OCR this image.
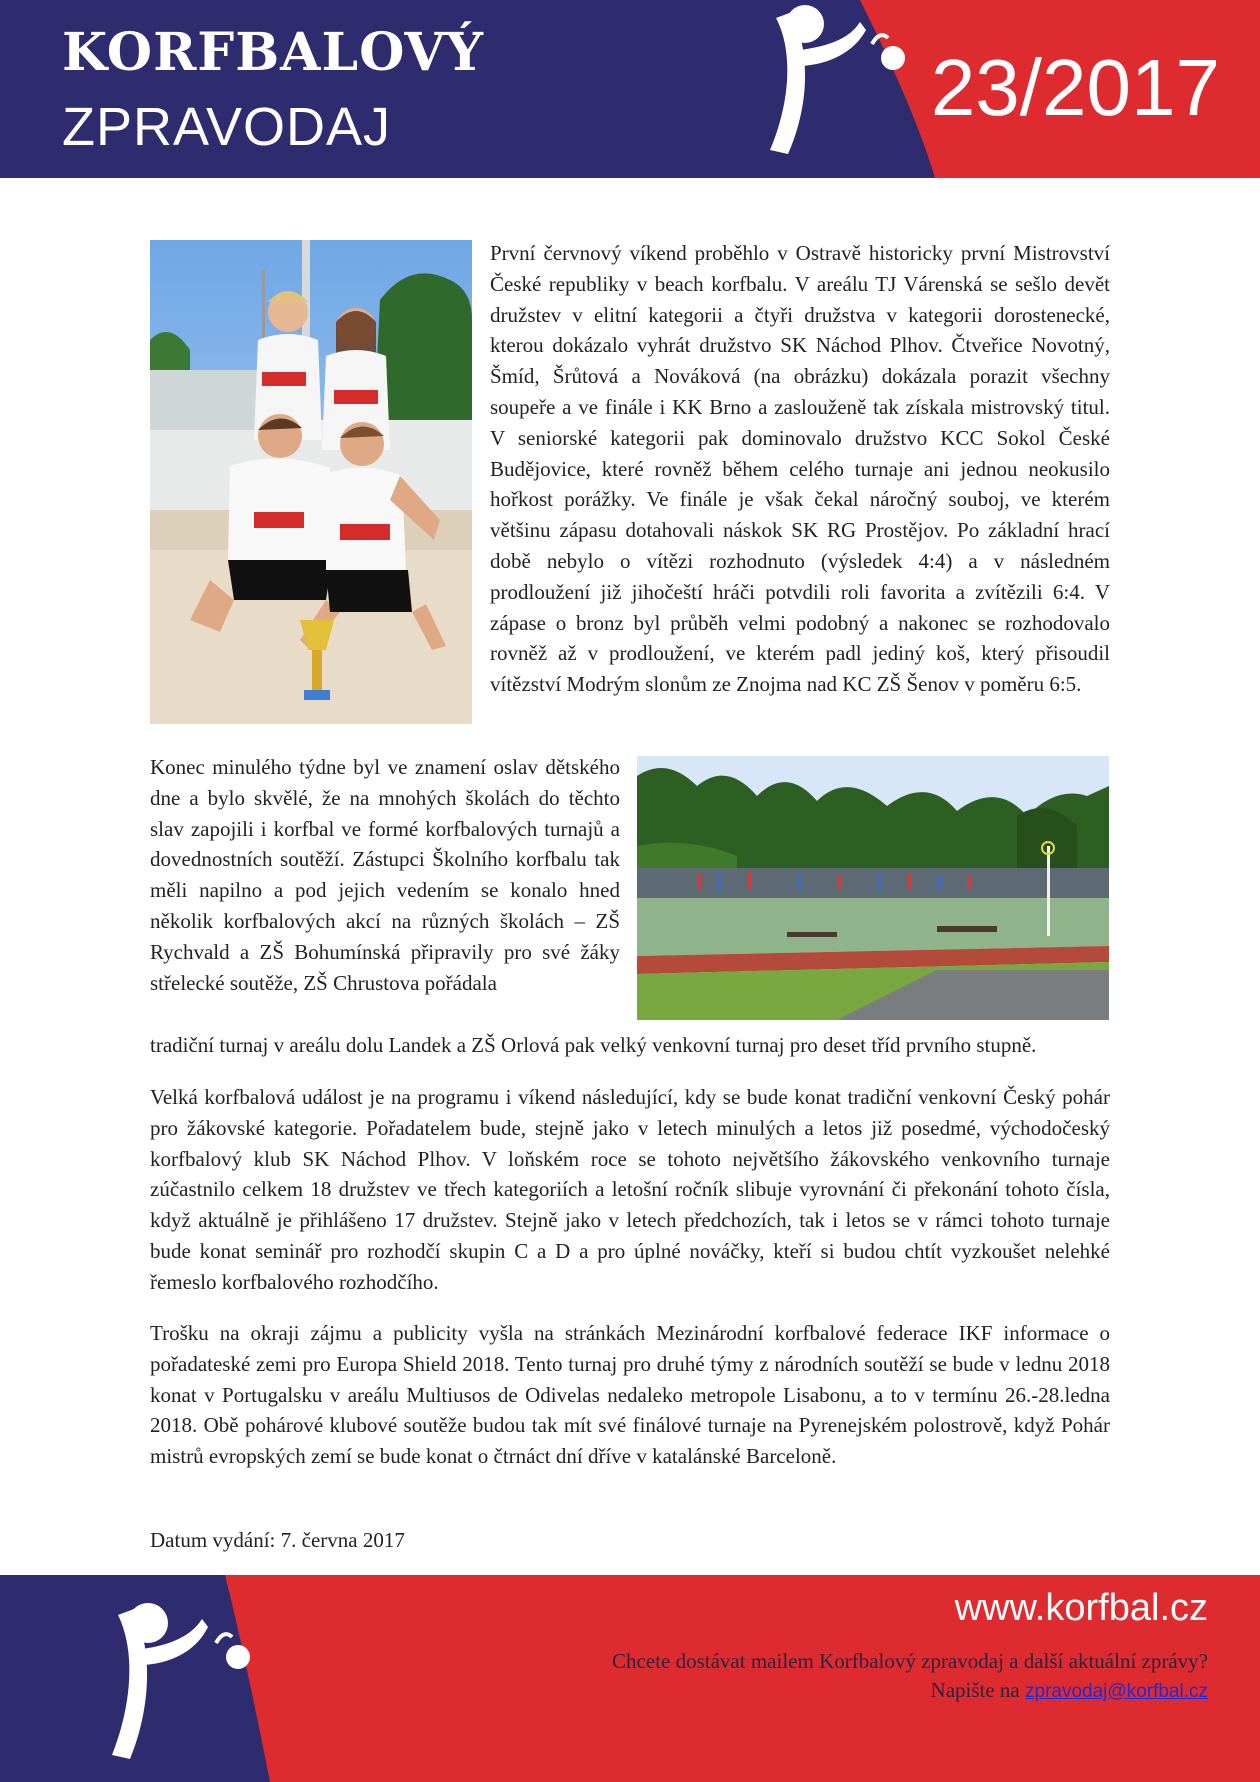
KORFBALOVÝ
ZPRAVODAJ	23/2017

První červnový víkend proběhlo v Ostravě historicky první Mistrovství České republiky v beach korfbalu. V areálu TJ Várenská se sešlo devět družstev v elitní kategorii a čtyři družstva v kategorii dorostenecké, kterou dokázalo vyhrát družstvo SK Náchod Plhov. Čtveřice Novotný, Šmíd, Šrůtová a Nováková (na obrázku) dokázala porazit všechny soupeře a ve finále i KK Brno a zaslouženě tak získala mistrovský titul. V seniorské kategorii pak dominovalo družstvo KCC Sokol České Budějovice, které rovněž během celého turnaje ani jednou neokusilo hořkost porážky. Ve finále je však čekal náročný souboj, ve kterém většinu zápasu dotahovali náskok SK RG Prostějov. Po základní hrací době nebylo o vítězi rozhodnuto (výsledek 4:4) a v následném prodloužení již jihočeští hráči potvdili roli favorita a zvítězili 6:4. V zápase o bronz byl průběh velmi podobný a nakonec se rozhodovalo rovněž až v prodloužení, ve kterém padl jediný koš, který přisoudil vítězství Modrým slonům ze Znojma nad KC ZŠ Šenov v poměru 6:5.

Konec minulého týdne byl ve znamení oslav dětského dne a bylo skvělé, že na mnohých školách do těchto slav zapojili i korfbal ve formé korfbalových turnajů a dovednostních soutěží. Zástupci Školního korfbalu tak měli napilno a pod jejich vedením se konalo hned několik korfbalových akcí na různých školách – ZŠ Rychvald a ZŠ Bohumínská připravily pro své žáky střelecké soutěže, ZŠ Chrustova pořádala

tradiční turnaj v areálu dolu Landek a ZŠ Orlová pak velký venkovní turnaj pro deset tříd prvního stupně.

Velká korfbalová událost je na programu i víkend následující, kdy se bude konat tradiční venkovní Český pohár pro žákovské kategorie. Pořadatelem bude, stejně jako v letech minulých a letos již posedmé, východočeský korfbalový klub SK Náchod Plhov. V loňském roce se tohoto největšího žákovského venkovního turnaje zúčastnilo celkem 18 družstev ve třech kategoriích a letošní ročník slibuje vyrovnání či překonání tohoto čísla, když aktuálně je přihlášeno 17 družstev. Stejně jako v letech předchozích, tak i letos se v rámci tohoto turnaje bude konat seminář pro rozhodčí skupin C a D a pro úplné nováčky, kteří si budou chtít vyzkoušet nelehké řemeslo korfbalového rozhodčího.

Trošku na okraji zájmu a publicity vyšla na stránkách Mezinárodní korfbalové federace IKF informace o pořadateské zemi pro Europa Shield 2018. Tento turnaj pro druhé týmy z národních soutěží se bude v lednu 2018 konat v Portugalsku v areálu Multiusos de Odivelas nedaleko metropole Lisabonu, a to v termínu 26.-28.ledna 2018. Obě pohárové klubové soutěže budou tak mít své finálové turnaje na Pyrenejském polostrově, když Pohár mistrů evropských zemí se bude konat o čtrnáct dní dříve v katalánské Barceloně.

Datum vydání: 7. června 2017

www.korfbal.cz
Chcete dostávat mailem Korfbalový zpravodaj a další aktuální zprávy?
Napište na zpravodaj@korfbal.cz
